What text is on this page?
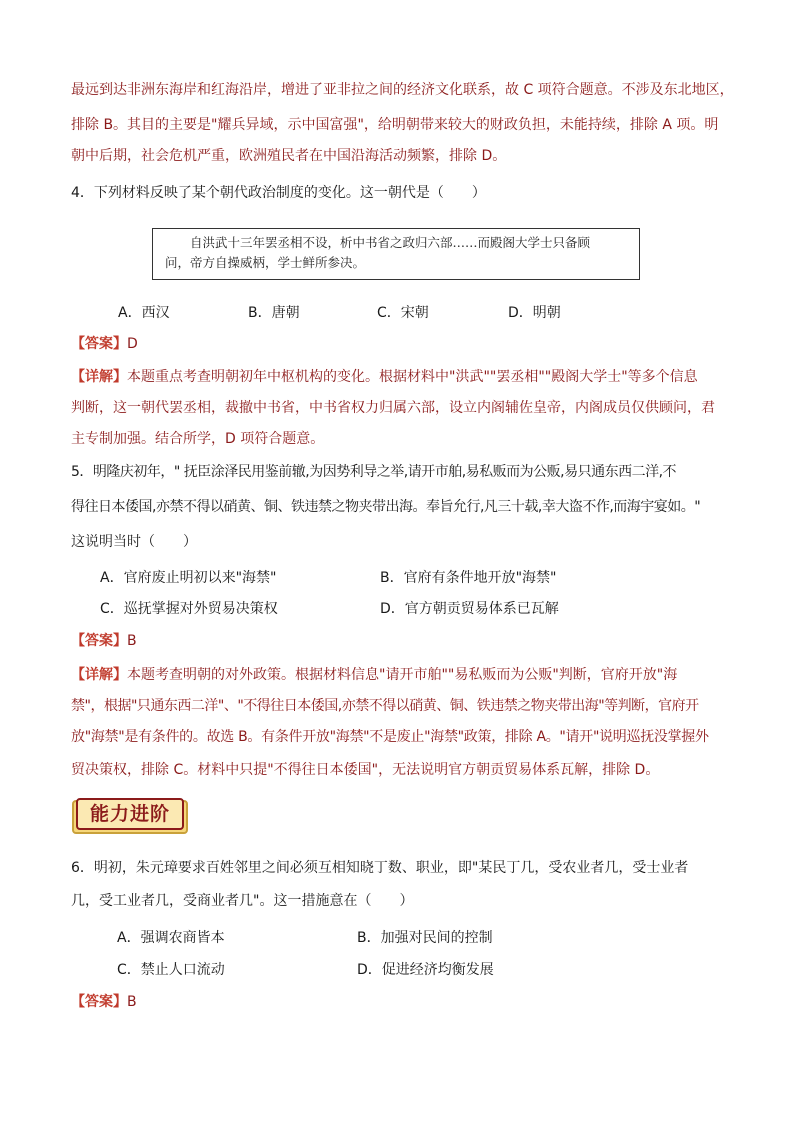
最远到达非洲东海岸和红海沿岸，增进了亚非拉之间的经济文化联系，故 C 项符合题意。不涉及东北地区，
排除 B。其目的主要是"耀兵异域，示中国富强"，给明朝带来较大的财政负担，未能持续，排除 A 项。明
朝中后期，社会危机严重，欧洲殖民者在中国沿海活动频繁，排除 D。
4．下列材料反映了某个朝代政治制度的变化。这一朝代是（　　）
自洪武十三年罢丞相不设，析中书省之政归六部……而殿阁大学士只备顾
问，帝方自操威柄，学士鲜所参决。
A．西汉	B．唐朝	C．宋朝	D．明朝
【答案】D
【详解】本题重点考查明朝初年中枢机构的变化。根据材料中"洪武""罢丞相""殿阁大学士"等多个信息
判断，这一朝代罢丞相，裁撤中书省，中书省权力归属六部，设立内阁辅佐皇帝，内阁成员仅供顾问，君
主专制加强。结合所学，D 项符合题意。
5．明隆庆初年，" 抚臣涂泽民用鉴前辙,为因势利导之举,请开市舶,易私贩而为公贩,易只通东西二洋,不
得往日本倭国,亦禁不得以硝黄、铜、铁违禁之物夹带出海。奉旨允行,凡三十载,幸大盗不作,而海宇宴如。"
这说明当时（　　）
A．官府废止明初以来"海禁"	B．官府有条件地开放"海禁"
C．巡抚掌握对外贸易决策权	D．官方朝贡贸易体系已瓦解
【答案】B
【详解】本题考查明朝的对外政策。根据材料信息"请开市舶""易私贩而为公贩"判断，官府开放"海
禁"，根据"只通东西二洋"、"不得往日本倭国,亦禁不得以硝黄、铜、铁违禁之物夹带出海"等判断，官府开
放"海禁"是有条件的。故选 B。有条件开放"海禁"不是废止"海禁"政策，排除 A。"请开"说明巡抚没掌握外
贸决策权，排除 C。材料中只提"不得往日本倭国"，无法说明官方朝贡贸易体系瓦解，排除 D。
能力进阶
6．明初，朱元璋要求百姓邻里之间必须互相知晓丁数、职业，即"某民丁几，受农业者几，受士业者
几，受工业者几，受商业者几"。这一措施意在（　　）
A．强调农商皆本	B．加强对民间的控制
C．禁止人口流动	D．促进经济均衡发展
【答案】B
